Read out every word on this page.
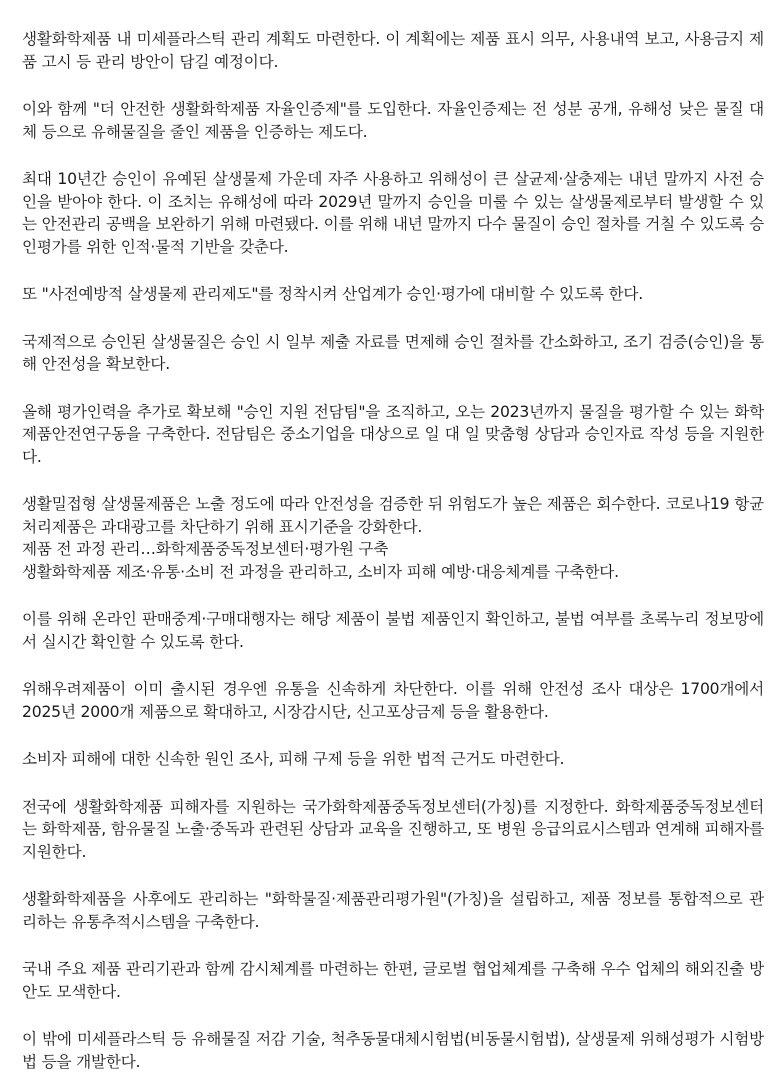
생활화학제품 내 미세플라스틱 관리 계획도 마련한다. 이 계획에는 제품 표시 의무, 사용내역 보고, 사용금지 제품 고시 등 관리 방안이 담길 예정이다.

이와 함께 "더 안전한 생활화학제품 자율인증제"를 도입한다. 자율인증제는 전 성분 공개, 유해성 낮은 물질 대체 등으로 유해물질을 줄인 제품을 인증하는 제도다.

최대 10년간 승인이 유예된 살생물제 가운데 자주 사용하고 위해성이 큰 살균제·살충제는 내년 말까지 사전 승인을 받아야 한다. 이 조치는 유해성에 따라 2029년 말까지 승인을 미룰 수 있는 살생물제로부터 발생할 수 있는 안전관리 공백을 보완하기 위해 마련됐다. 이를 위해 내년 말까지 다수 물질이 승인 절차를 거칠 수 있도록 승인평가를 위한 인적·물적 기반을 갖춘다.

또 "사전예방적 살생물제 관리제도"를 정착시켜 산업계가 승인·평가에 대비할 수 있도록 한다.

국제적으로 승인된 살생물질은 승인 시 일부 제출 자료를 면제해 승인 절차를 간소화하고, 조기 검증(승인)을 통해 안전성을 확보한다.

올해 평가인력을 추가로 확보해 "승인 지원 전담팀"을 조직하고, 오는 2023년까지 물질을 평가할 수 있는 화학제품안전연구동을 구축한다. 전담팀은 중소기업을 대상으로 일 대 일 맞춤형 상담과 승인자료 작성 등을 지원한다.

생활밀접형 살생물제품은 노출 정도에 따라 안전성을 검증한 뒤 위험도가 높은 제품은 회수한다. 코로나19 항균처리제품은 과대광고를 차단하기 위해 표시기준을 강화한다.
제품 전 과정 관리…화학제품중독정보센터·평가원 구축
생활화학제품 제조·유통·소비 전 과정을 관리하고, 소비자 피해 예방·대응체계를 구축한다.

이를 위해 온라인 판매중계·구매대행자는 해당 제품이 불법 제품인지 확인하고, 불법 여부를 초록누리 정보망에서 실시간 확인할 수 있도록 한다.

위해우려제품이 이미 출시된 경우엔 유통을 신속하게 차단한다. 이를 위해 안전성 조사 대상은 1700개에서 2025년 2000개 제품으로 확대하고, 시장감시단, 신고포상금제 등을 활용한다.

소비자 피해에 대한 신속한 원인 조사, 피해 구제 등을 위한 법적 근거도 마련한다.

전국에 생활화학제품 피해자를 지원하는 국가화학제품중독정보센터(가칭)를 지정한다. 화학제품중독정보센터는 화학제품, 함유물질 노출·중독과 관련된 상담과 교육을 진행하고, 또 병원 응급의료시스템과 연계해 피해자를 지원한다.

생활화학제품을 사후에도 관리하는 "화학물질·제품관리평가원"(가칭)을 설립하고, 제품 정보를 통합적으로 관리하는 유통추적시스템을 구축한다.

국내 주요 제품 관리기관과 함께 감시체계를 마련하는 한편, 글로벌 협업체계를 구축해 우수 업체의 해외진출 방안도 모색한다.

이 밖에 미세플라스틱 등 유해물질 저감 기술, 척추동물대체시험법(비동물시험법), 살생물제 위해성평가 시험방법 등을 개발한다.
